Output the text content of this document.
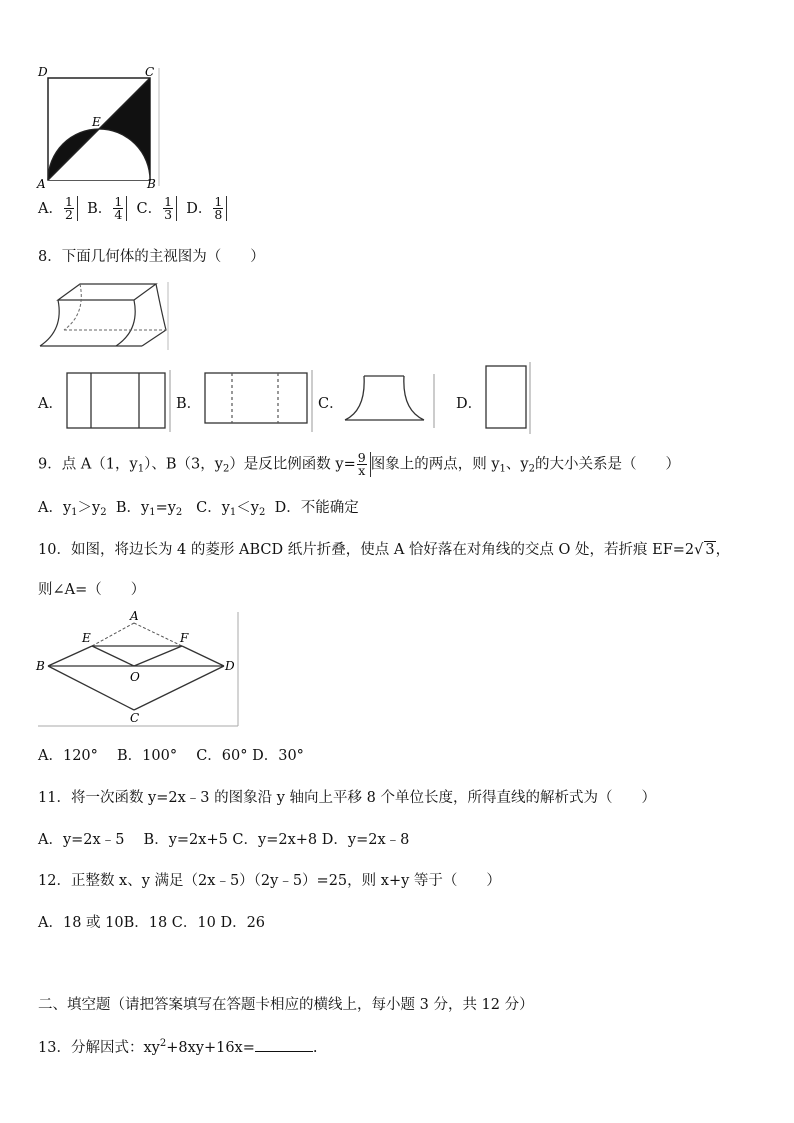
D	C
E
A	B
A． $\frac{1}{2}$ B． $\frac{1}{4}$ C． $\frac{1}{3}$ D． $\frac{1}{8}$
8．下面几何体的主视图为（　　）
A．	B．	C．	D．
9．点 A（1，$y_1$）、B（3，$y_2$）是反比例函数 $y= \frac{9}{x}$ 图象上的两点，则 $y_1$、$y_2$的大小关系是（　　）
A．$y_1>y_2$ B．$y_1=y_2$ C．$y_1<y_2$ D．不能确定
10．如图，将边长为 4 的菱形 ABCD 纸片折叠，使点 A 恰好落在对角线的交点 O 处，若折痕 EF=2√ 3，
则∠A=（　　）
A
E	F
B	D
O
C
A．120°　 B．100°　 C．60° D．30°
11．将一次函数 y=2x﹣3 的图象沿 y 轴向上平移 8 个单位长度，所得直线的解析式为（　　）
A．y=2x﹣5　 B．y=2x+5 C．y=2x+8 D．y=2x﹣8
12．正整数 x、y 满足（2x﹣5）（2y﹣5）=25，则 x+y 等于（　　）
A．18 或 10B．18 C．10 D．26
二、填空题（请把答案填写在答题卡相应的横线上，每小题 3 分，共 12 分）
13．分解因式：$xy^2+8xy+16x=$	.
